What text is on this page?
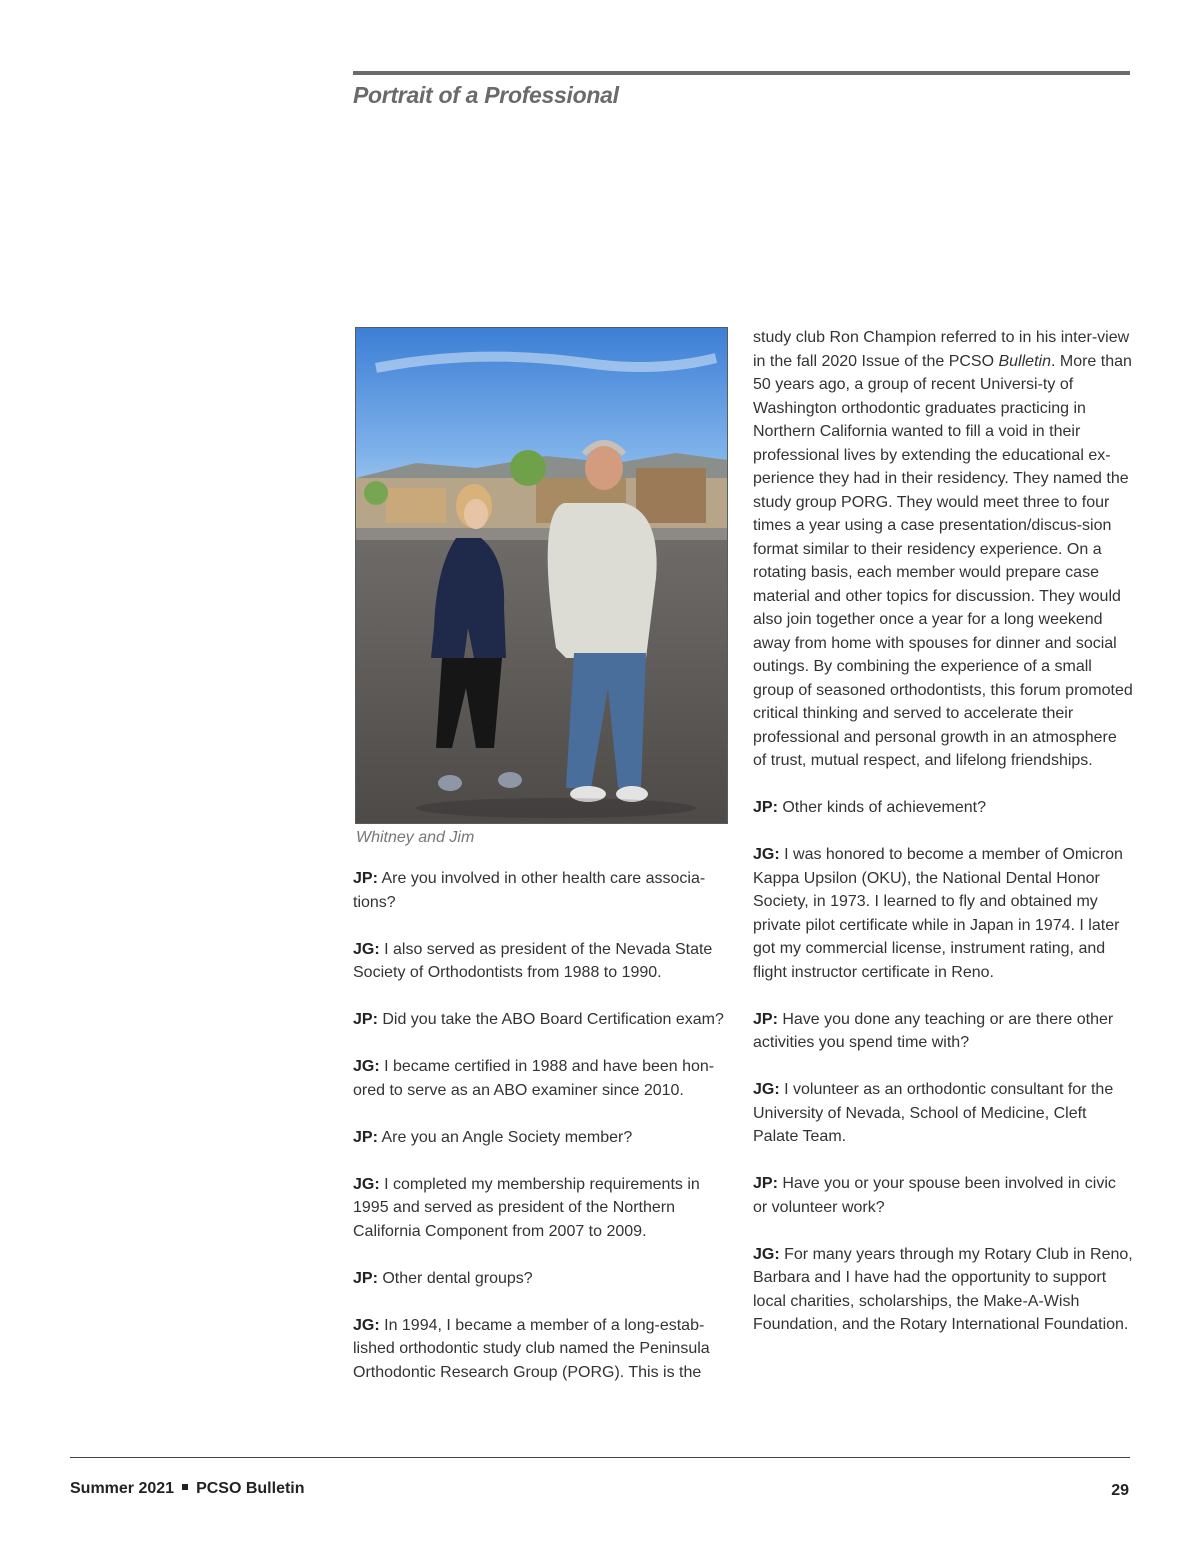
Portrait of a Professional
Whitney and Jim

JP: Are you involved in other health care associa-tions?

JG: I also served as president of the Nevada State Society of Orthodontists from 1988 to 1990.

JP: Did you take the ABO Board Certification exam?

JG: I became certified in 1988 and have been hon-ored to serve as an ABO examiner since 2010.

JP: Are you an Angle Society member?

JG: I completed my membership requirements in 1995 and served as president of the Northern California Component from 2007 to 2009.

JP: Other dental groups?

JG: In 1994, I became a member of a long-estab-lished orthodontic study club named the Peninsula Orthodontic Research Group (PORG). This is the

study club Ron Champion referred to in his inter-view in the fall 2020 Issue of the PCSO Bulletin. More than 50 years ago, a group of recent Universi-ty of Washington orthodontic graduates practicing in Northern California wanted to fill a void in their professional lives by extending the educational ex-perience they had in their residency. They named the study group PORG. They would meet three to four times a year using a case presentation/discus-sion format similar to their residency experience. On a rotating basis, each member would prepare case material and other topics for discussion. They would also join together once a year for a long weekend away from home with spouses for dinner and social outings. By combining the experience of a small group of seasoned orthodontists, this forum promoted critical thinking and served to accelerate their professional and personal growth in an atmosphere of trust, mutual respect, and lifelong friendships.

JP: Other kinds of achievement?

JG: I was honored to become a member of Omicron Kappa Upsilon (OKU), the National Dental Honor Society, in 1973. I learned to fly and obtained my private pilot certificate while in Japan in 1974. I later got my commercial license, instrument rating, and flight instructor certificate in Reno.

JP: Have you done any teaching or are there other activities you spend time with?

JG: I volunteer as an orthodontic consultant for the University of Nevada, School of Medicine, Cleft Palate Team.

JP: Have you or your spouse been involved in civic or volunteer work?

JG: For many years through my Rotary Club in Reno, Barbara and I have had the opportunity to support local charities, scholarships, the Make-A-Wish Foundation, and the Rotary International Foundation.

Summer 2021 PCSO Bulletin	29
